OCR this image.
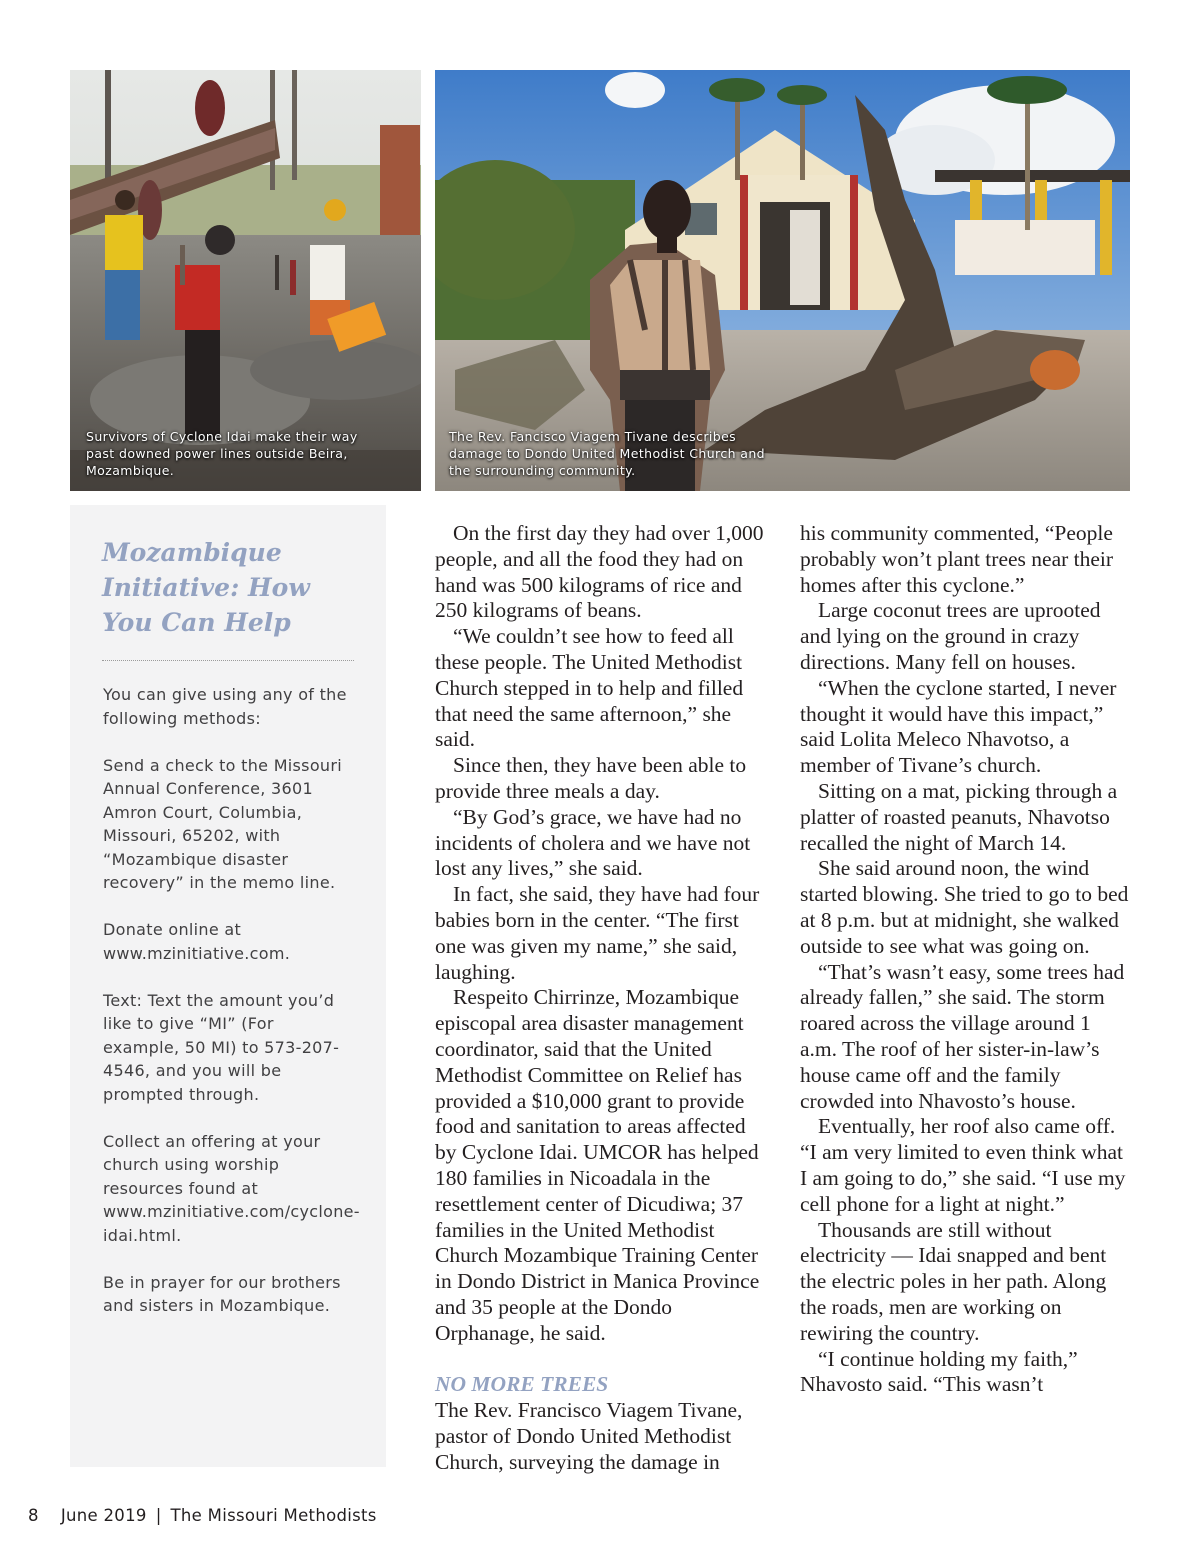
Survivors of Cyclone Idai make their way past downed power lines outside Beira, Mozambique.
The Rev. Fancisco Viagem Tivane describes damage to Dondo United Methodist Church and the surrounding community.
Mozambique Initiative: How You Can Help

You can give using any of the following methods:

Send a check to the Missouri Annual Conference, 3601 Amron Court, Columbia, Missouri, 65202, with “Mozambique disaster recovery” in the memo line.

Donate online at www.mzinitiative.com.

Text: Text the amount you’d like to give “MI” (For example, 50 MI) to 573-207-4546, and you will be prompted through.

Collect an offering at your church using worship resources found at www.mzinitiative.com/cyclone-idai.html.

Be in prayer for our brothers and sisters in Mozambique.

On the first day they had over 1,000 people, and all the food they had on hand was 500 kilograms of rice and 250 kilograms of beans.

“We couldn’t see how to feed all these people. The United Methodist Church stepped in to help and filled that need the same afternoon,” she said.

Since then, they have been able to provide three meals a day.

“By God’s grace, we have had no incidents of cholera and we have not lost any lives,” she said.

In fact, she said, they have had four babies born in the center. “The first one was given my name,” she said, laughing.

Respeito Chirrinze, Mozambique episcopal area disaster management coordinator, said that the United Methodist Committee on Relief has provided a $10,000 grant to provide food and sanitation to areas affected by Cyclone Idai. UMCOR has helped 180 families in Nicoadala in the resettlement center of Dicudiwa; 37 families in the United Methodist Church Mozambique Training Center in Dondo District in Manica Province and 35 people at the Dondo Orphanage, he said.

NO MORE TREES

The Rev. Francisco Viagem Tivane, pastor of Dondo United Methodist Church, surveying the damage in

his community commented, “People probably won’t plant trees near their homes after this cyclone.”

Large coconut trees are uprooted and lying on the ground in crazy directions. Many fell on houses.

“When the cyclone started, I never thought it would have this impact,” said Lolita Meleco Nhavotso, a member of Tivane’s church.

Sitting on a mat, picking through a platter of roasted peanuts, Nhavotso recalled the night of March 14.

She said around noon, the wind started blowing. She tried to go to bed at 8 p.m. but at midnight, she walked outside to see what was going on.

“That’s wasn’t easy, some trees had already fallen,” she said. The storm roared across the village around 1 a.m. The roof of her sister-in-law’s house came off and the family crowded into Nhavosto’s house.

Eventually, her roof also came off. “I am very limited to even think what I am going to do,” she said. “I use my cell phone for a light at night.”

Thousands are still without electricity — Idai snapped and bent the electric poles in her path. Along the roads, men are working on rewiring the country.

“I continue holding my faith,” Nhavosto said. “This wasn’t

8 June 2019 | The Missouri Methodists
